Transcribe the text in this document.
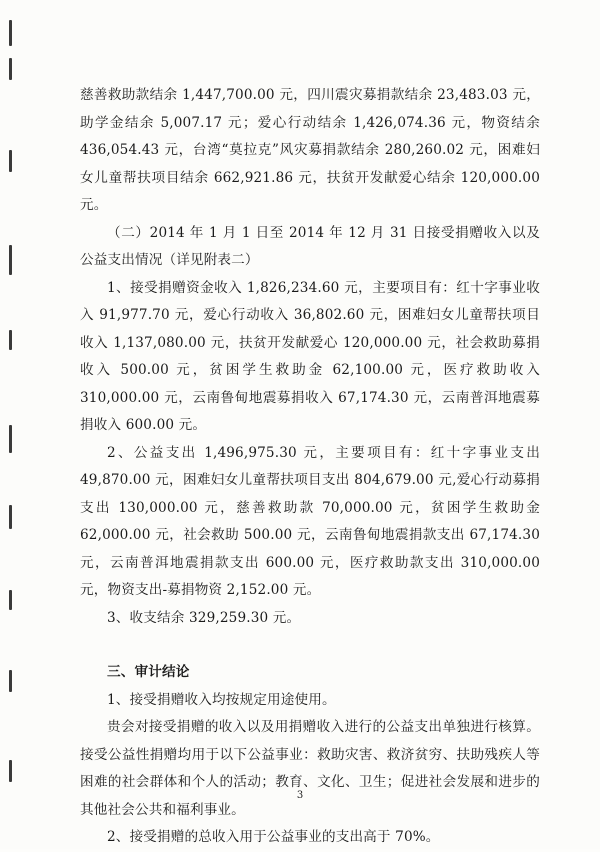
慈善救助款结余 1,447,700.00 元，四川震灾募捐款结余 23,483.03 元，助学金结余 5,007.17 元；爱心行动结余 1,426,074.36 元，物资结余 436,054.43 元，台湾“莫拉克”风灾募捐款结余 280,260.02 元，困难妇女儿童帮扶项目结余 662,921.86 元，扶贫开发献爱心结余 120,000.00 元。

（二）2014 年 1 月 1 日至 2014 年 12 月 31 日接受捐赠收入以及公益支出情况（详见附表二）

1、接受捐赠资金收入 1,826,234.60 元，主要项目有：红十字事业收入 91,977.70 元，爱心行动收入 36,802.60 元，困难妇女儿童帮扶项目收入 1,137,080.00 元，扶贫开发献爱心 120,000.00 元，社会救助募捐收入 500.00 元，贫困学生救助金 62,100.00 元，医疗救助收入 310,000.00 元，云南鲁甸地震募捐收入 67,174.30 元，云南普洱地震募捐收入 600.00 元。

2、公益支出 1,496,975.30 元，主要项目有：红十字事业支出 49,870.00 元，困难妇女儿童帮扶项目支出 804,679.00 元,爱心行动募捐支出 130,000.00 元，慈善救助款 70,000.00 元，贫困学生救助金 62,000.00 元，社会救助 500.00 元，云南鲁甸地震捐款支出 67,174.30 元，云南普洱地震捐款支出 600.00 元，医疗救助款支出 310,000.00 元，物资支出-募捐物资 2,152.00 元。

3、收支结余 329,259.30 元。

三、审计结论

1、接受捐赠收入均按规定用途使用。

贵会对接受捐赠的收入以及用捐赠收入进行的公益支出单独进行核算。接受公益性捐赠均用于以下公益事业：救助灾害、救济贫穷、扶助残疾人等困难的社会群体和个人的活动；教育、文化、卫生；促进社会发展和进步的其他社会公共和福利事业。

2、接受捐赠的总收入用于公益事业的支出高于 70%。

3
